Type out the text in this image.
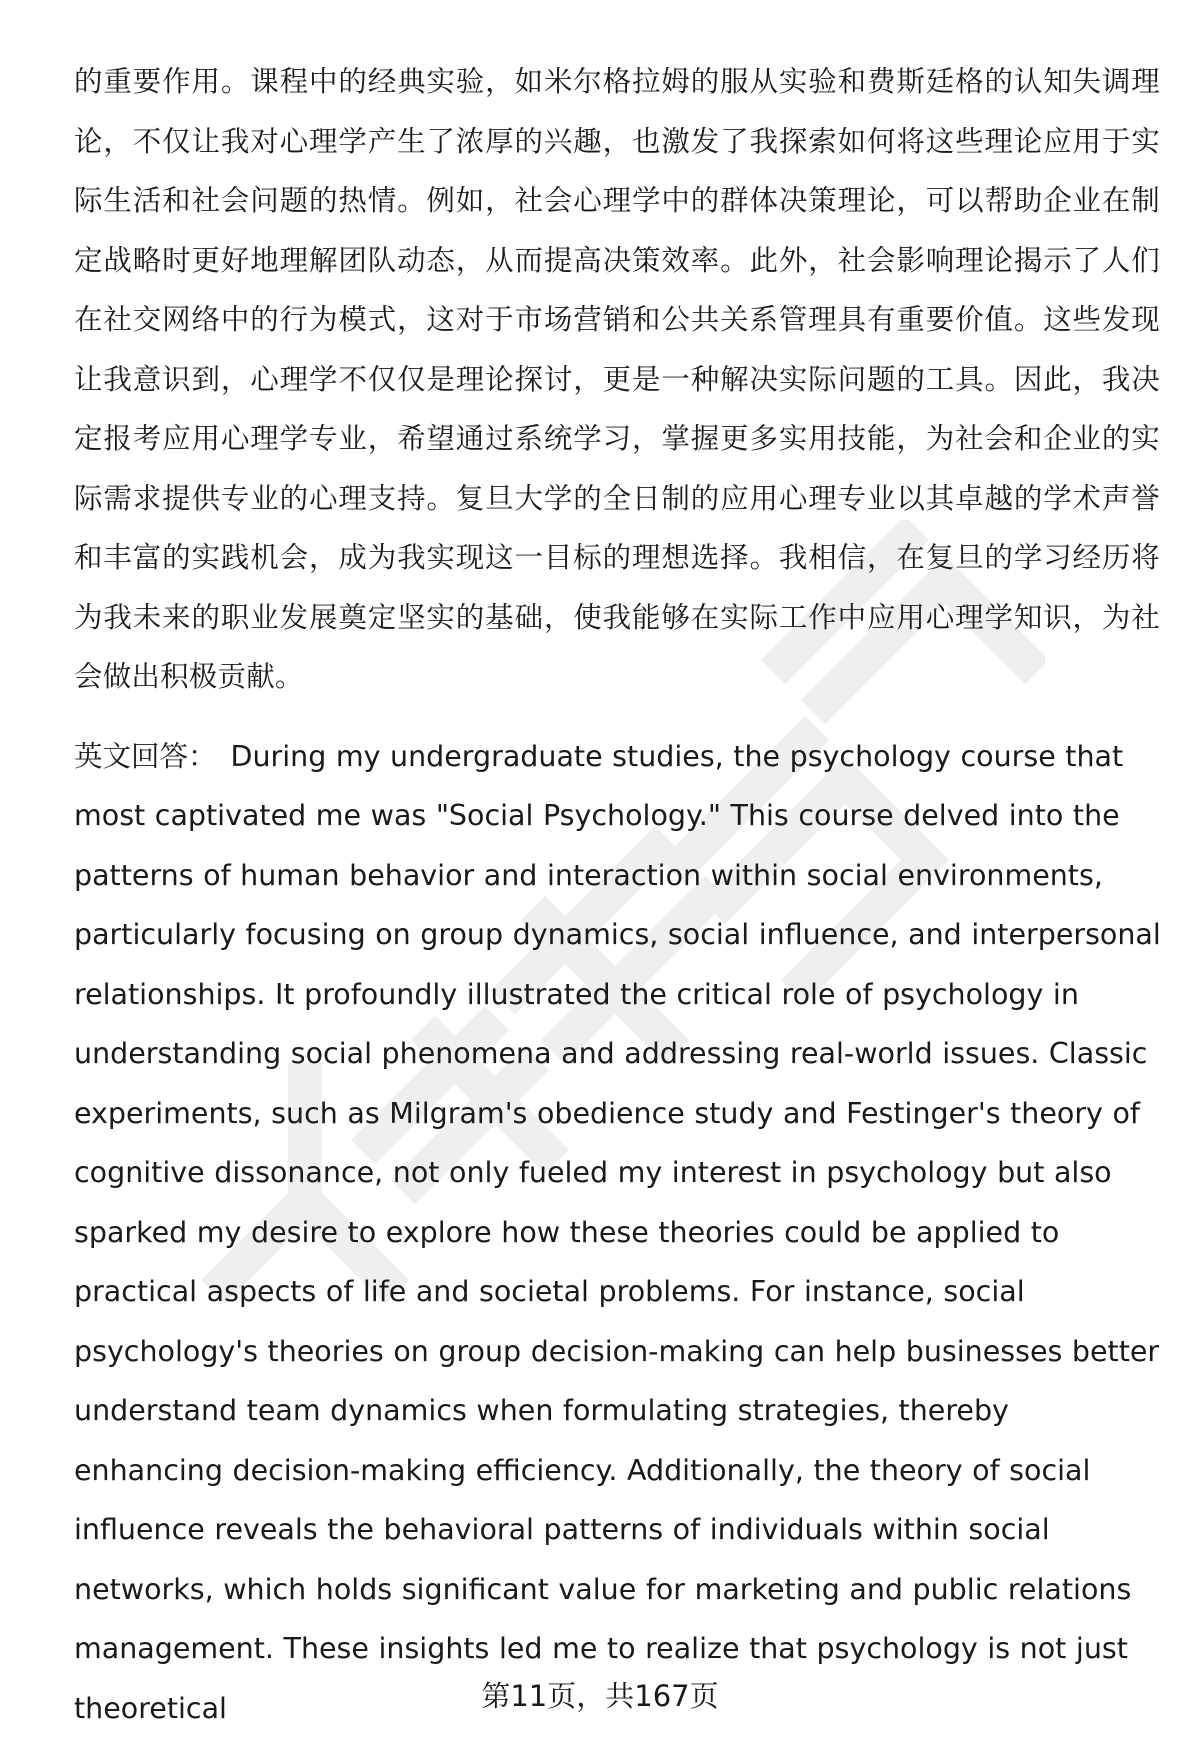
的重要作用。课程中的经典实验，如米尔格拉姆的服从实验和费斯廷格的认知失调理论，不仅让我对心理学产生了浓厚的兴趣，也激发了我探索如何将这些理论应用于实际生活和社会问题的热情。例如，社会心理学中的群体决策理论，可以帮助企业在制定战略时更好地理解团队动态，从而提高决策效率。此外，社会影响理论揭示了人们在社交网络中的行为模式，这对于市场营销和公共关系管理具有重要价值。这些发现让我意识到，心理学不仅仅是理论探讨，更是一种解决实际问题的工具。因此，我决定报考应用心理学专业，希望通过系统学习，掌握更多实用技能，为社会和企业的实际需求提供专业的心理支持。复旦大学的全日制的应用心理专业以其卓越的学术声誉和丰富的实践机会，成为我实现这一目标的理想选择。我相信，在复旦的学习经历将为我未来的职业发展奠定坚实的基础，使我能够在实际工作中应用心理学知识，为社会做出积极贡献。

英文回答： During my undergraduate studies, the psychology course that most captivated me was "Social Psychology." This course delved into the patterns of human behavior and interaction within social environments, particularly focusing on group dynamics, social influence, and interpersonal relationships. It profoundly illustrated the critical role of psychology in understanding social phenomena and addressing real-world issues. Classic experiments, such as Milgram's obedience study and Festinger's theory of cognitive dissonance, not only fueled my interest in psychology but also sparked my desire to explore how these theories could be applied to practical aspects of life and societal problems. For instance, social psychology's theories on group decision-making can help businesses better understand team dynamics when formulating strategies, thereby enhancing decision-making efficiency. Additionally, the theory of social influence reveals the behavioral patterns of individuals within social networks, which holds significant value for marketing and public relations management. These insights led me to realize that psychology is not just theoretical	第11页，共167页
